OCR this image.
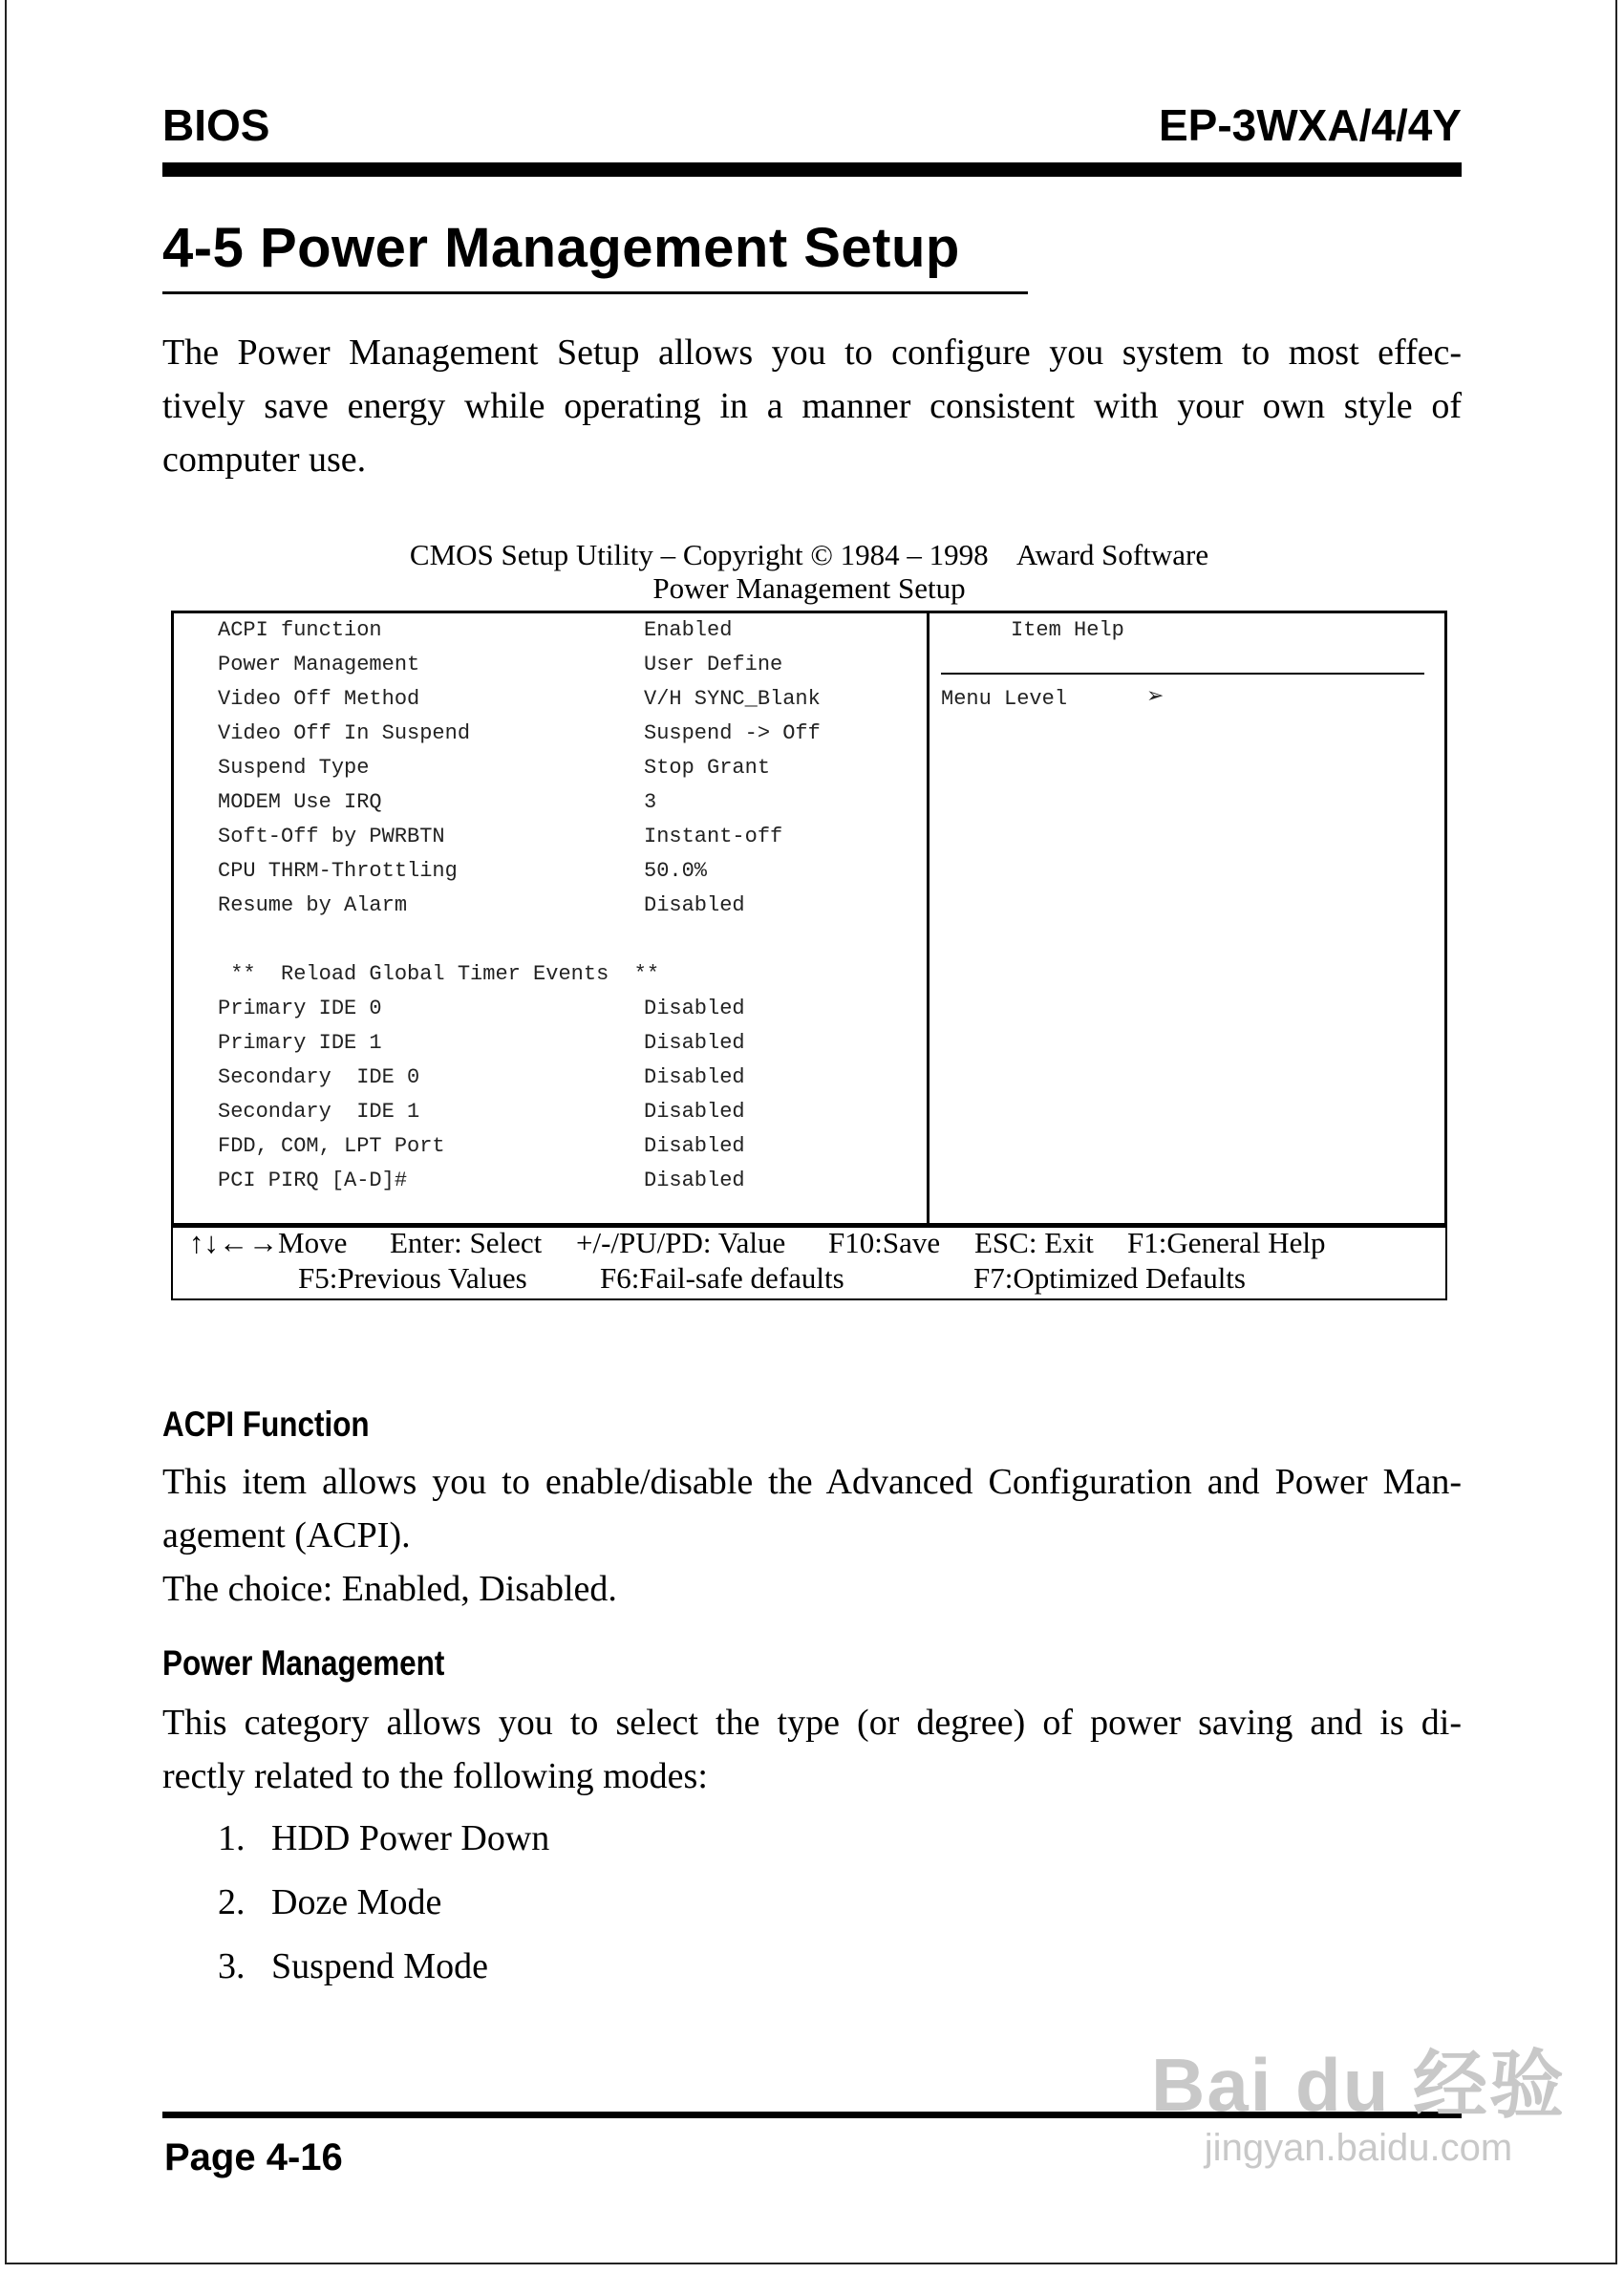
BIOS	EP-3WXA/4/4Y
4-5 Power Management Setup
The Power Management Setup allows you to configure you system to most effec-
tively save energy while operating in a manner consistent with your own style of
computer use.
CMOS Setup Utility – Copyright © 1984 – 1998    Award Software
Power Management Setup
ACPI function	Enabled
Power Management	User Define
Video Off Method	V/H SYNC_Blank
Video Off In Suspend	Suspend -> Off
Suspend Type	Stop Grant
MODEM Use IRQ	3
Soft-Off by PWRBTN	Instant-off
CPU THRM-Throttling	50.0%
Resume by Alarm	Disabled
**  Reload Global Timer Events  **
Primary IDE 0	Disabled
Primary IDE 1	Disabled
Secondary  IDE 0	Disabled
Secondary  IDE 1	Disabled
FDD, COM, LPT Port	Disabled
PCI PIRQ [A-D]#	Disabled
Item Help
Menu Level	➢
↑↓←→Move Enter: Select +/-/PU/PD: Value F10:Save ESC: Exit F1:General Help
F5:Previous Values F6:Fail-safe defaults	F7:Optimized Defaults
ACPI Function
This item allows you to enable/disable the Advanced Configuration and Power Man-
agement (ACPI).
The choice: Enabled, Disabled.
Power Management
This category allows you to select the type (or degree) of power saving and is di-
rectly related to the following modes:
1. HDD Power Down
2. Doze Mode
3. Suspend Mode
Page 4-16
Bai du 经验
jingyan.baidu.com
